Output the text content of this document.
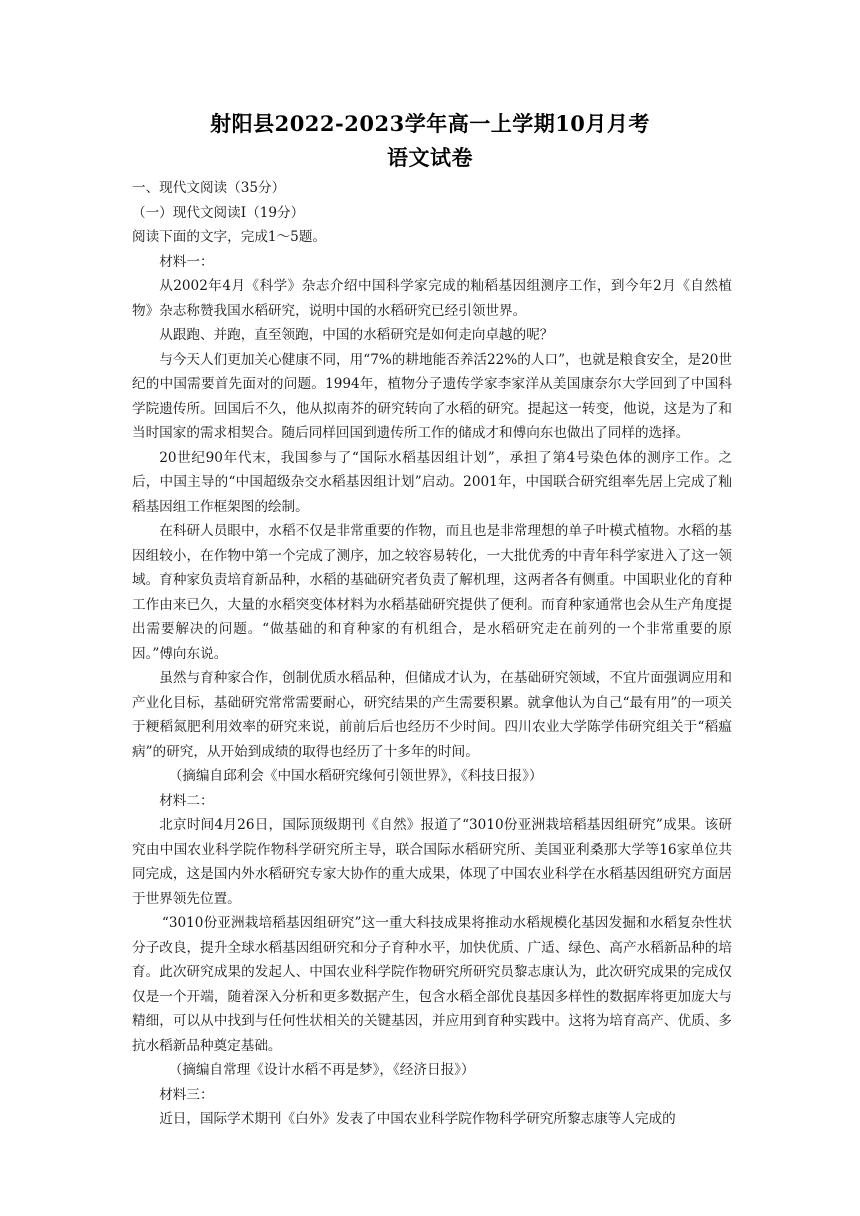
射阳县2022-2023学年高一上学期10月月考
语文试卷

一、现代文阅读（35分）

（一）现代文阅读Ⅰ（19分）

阅读下面的文字，完成1～5题。

材料一：

从2002年4月《科学》杂志介绍中国科学家完成的籼稻基因组测序工作，到今年2月《自然植物》杂志称赞我国水稻研究，说明中国的水稻研究已经引领世界。

从跟跑、并跑，直至领跑，中国的水稻研究是如何走向卓越的呢？

与今天人们更加关心健康不同，用“7%的耕地能否养活22%的人口”，也就是粮食安全，是20世纪的中国需要首先面对的问题。1994年，植物分子遗传学家李家洋从美国康奈尔大学回到了中国科学院遗传所。回国后不久，他从拟南芥的研究转向了水稻的研究。提起这一转变，他说，这是为了和当时国家的需求相契合。随后同样回国到遗传所工作的储成才和傅向东也做出了同样的选择。

20世纪90年代末，我国参与了“国际水稻基因组计划”，承担了第4号染色体的测序工作。之后，中国主导的“中国超级杂交水稻基因组计划”启动。2001年，中国联合研究组率先居上完成了籼稻基因组工作框架图的绘制。

在科研人员眼中，水稻不仅是非常重要的作物，而且也是非常理想的单子叶模式植物。水稻的基因组较小，在作物中第一个完成了测序，加之较容易转化，一大批优秀的中青年科学家进入了这一领域。育种家负责培育新品种，水稻的基础研究者负责了解机理，这两者各有侧重。中国职业化的育种工作由来已久，大量的水稻突变体材料为水稻基础研究提供了便利。而育种家通常也会从生产角度提出需要解决的问题。“做基础的和育种家的有机组合，是水稻研究走在前列的一个非常重要的原因。”傅向东说。

虽然与育种家合作，创制优质水稻品种，但储成才认为，在基础研究领域，不宜片面强调应用和产业化目标，基础研究常常需要耐心，研究结果的产生需要积累。就拿他认为自己“最有用”的一项关于粳稻氮肥利用效率的研究来说，前前后后也经历不少时间。四川农业大学陈学伟研究组关于“稻瘟病”的研究，从开始到成绩的取得也经历了十多年的时间。

（摘编自邱利会《中国水稻研究缘何引领世界》，《科技日报》）

材料二：

北京时间4月26日，国际顶级期刊《自然》报道了“3010份亚洲栽培稻基因组研究”成果。该研究由中国农业科学院作物科学研究所主导，联合国际水稻研究所、美国亚利桑那大学等16家单位共同完成，这是国内外水稻研究专家大协作的重大成果，体现了中国农业科学在水稻基因组研究方面居于世界领先位置。

“3010份亚洲栽培稻基因组研究”这一重大科技成果将推动水稻规模化基因发掘和水稻复杂性状分子改良，提升全球水稻基因组研究和分子育种水平，加快优质、广适、绿色、高产水稻新品种的培育。此次研究成果的发起人、中国农业科学院作物研究所研究员黎志康认为，此次研究成果的完成仅仅是一个开端，随着深入分析和更多数据产生，包含水稻全部优良基因多样性的数据库将更加庞大与精细，可以从中找到与任何性状相关的关键基因，并应用到育种实践中。这将为培育高产、优质、多抗水稻新品种奠定基础。

（摘编自常理《设计水稻不再是梦》，《经济日报》）

材料三：

近日，国际学术期刊《白外》发表了中国农业科学院作物科学研究所黎志康等人完成的
